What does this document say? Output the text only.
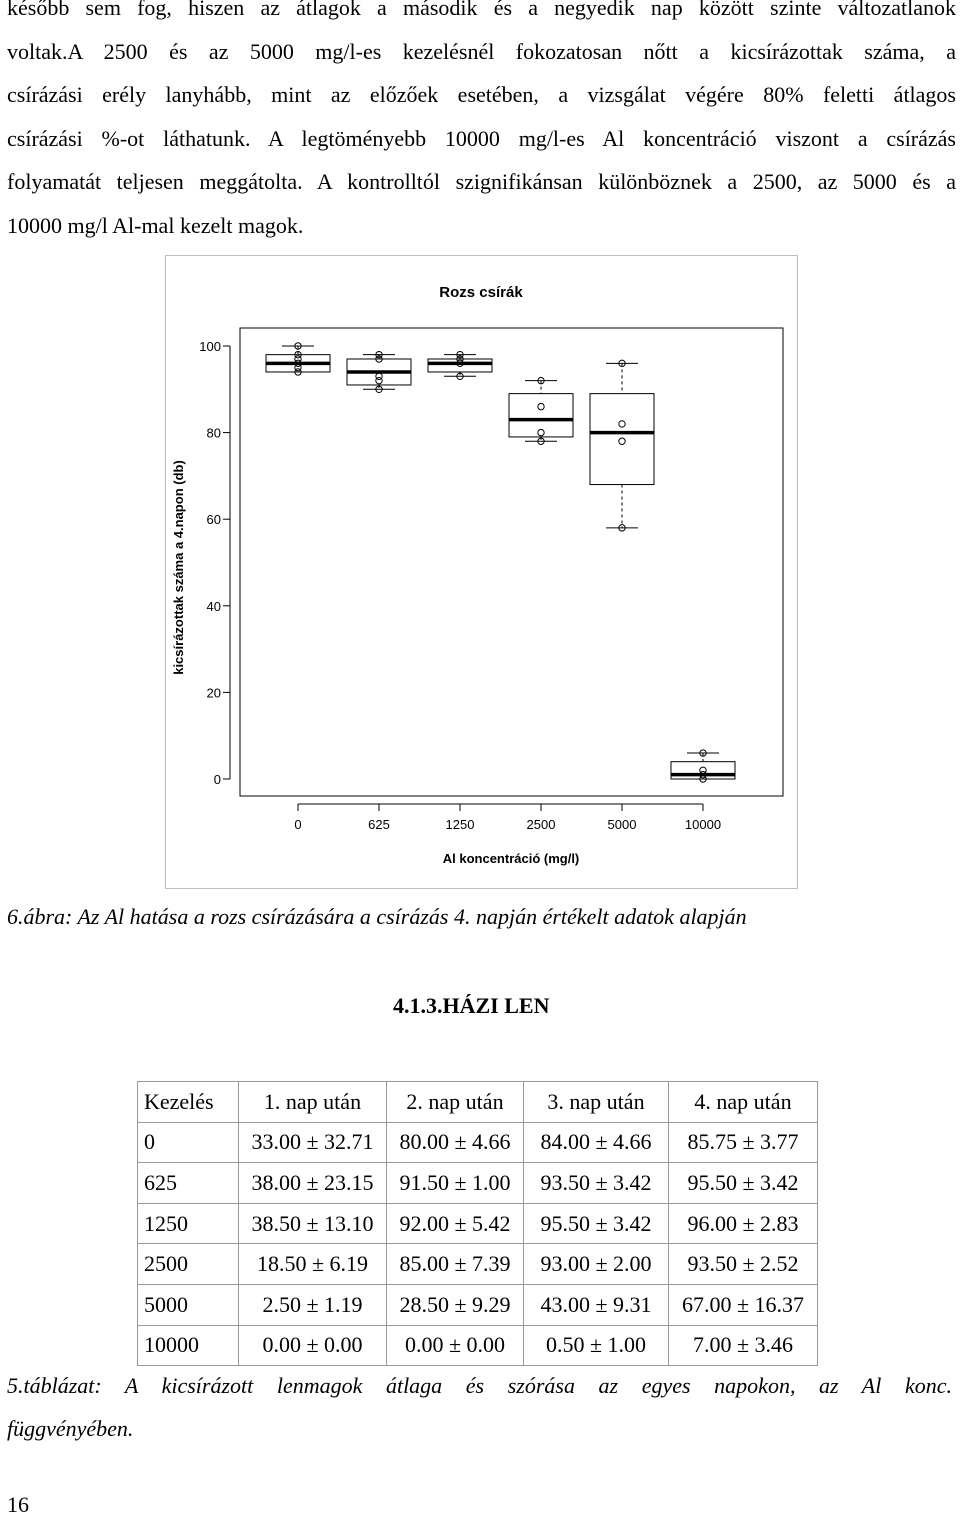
később sem fog, hiszen az átlagok a második és a negyedik nap között szinte változatlanok
voltak.A 2500 és az 5000 mg/l-es kezelésnél fokozatosan nőtt a kicsírázottak száma, a
csírázási erély lanyhább, mint az előzőek esetében, a vizsgálat végére 80% feletti átlagos
csírázási %-ot láthatunk. A legtöményebb 10000 mg/l-es Al koncentráció viszont a csírázás
folyamatát teljesen meggátolta. A kontrolltól szignifikánsan különböznek a 2500, az 5000 és a
10000 mg/l Al-mal kezelt magok.
Rozs csírák
0
20
40
60
80
100
kicsírázottak száma a 4.napon (db)
0	625	1250	2500	5000	10000
Al koncentráció (mg/l)

6.ábra: Az Al hatása a rozs csírázására a csírázás 4. napján értékelt adatok alapján

4.1.3.HÁZI LEN

Kezelés	1. nap után	2. nap után	3. nap után	4. nap után
0	33.00 ± 32.71	80.00 ± 4.66	84.00 ± 4.66	85.75 ± 3.77
625	38.00 ± 23.15	91.50 ± 1.00	93.50 ± 3.42	95.50 ± 3.42
1250	38.50 ± 13.10	92.00 ± 5.42	95.50 ± 3.42	96.00 ± 2.83
2500	18.50 ± 6.19	85.00 ± 7.39	93.00 ± 2.00	93.50 ± 2.52
5000	2.50 ± 1.19	28.50 ± 9.29	43.00 ± 9.31	67.00 ± 16.37
10000	0.00 ± 0.00	0.00 ± 0.00	0.50 ± 1.00	7.00 ± 3.46
5.táblázat: A kicsírázott lenmagok átlaga és szórása az egyes napokon, az Al konc.
függvényében.

16
